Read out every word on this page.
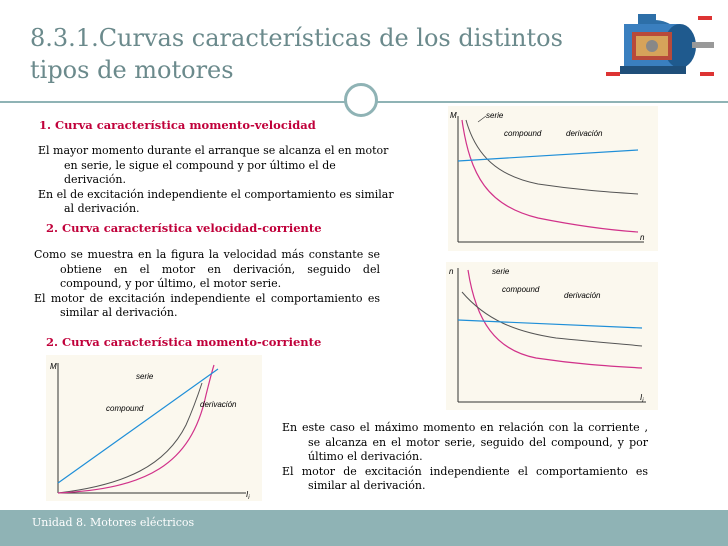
8.3.1.Curvas características de los distintos
tipos de motores
1. Curva característica momento-velocidad

El mayor momento durante el arranque se alcanza el en motor en serie, le sigue el compound y por último el de derivación.

En el de excitación independiente el comportamiento es similar al derivación.

2. Curva característica velocidad-corriente

Como se muestra en la figura la velocidad más constante se obtiene en el motor en derivación, seguido del compound, y por último, el motor serie.

El motor de excitación independiente el comportamiento es similar al derivación.

2. Curva característica momento-corriente

En este caso el máximo momento en relación con la corriente , se alcanza en el motor serie, seguido del compound, y por último el derivación.

El motor de excitación independiente el comportamiento es similar al derivación.

M
n
serie
compound	derivación
n
$I_i$
serie
compound
derivación
M
$I_i$
serie
compound	derivación
Unidad 8. Motores eléctricos
